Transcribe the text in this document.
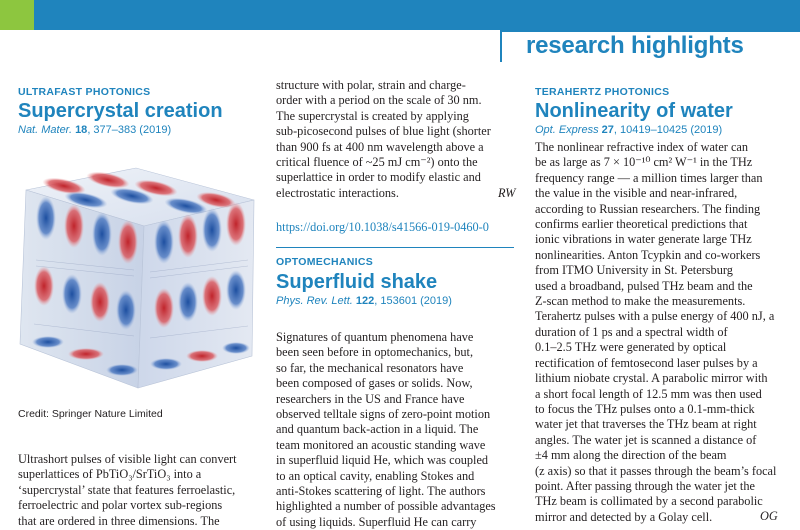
research highlights
ULTRAFAST PHOTONICS
Supercrystal creation
Nat. Mater. 18, 377–383 (2019)
Credit: Springer Nature Limited
Ultrashort pulses of visible light can convert
superlattices of PbTiO₃/SrTiO₃ into a
‘supercrystal’ state that features ferroelastic,
ferroelectric and polar vortex sub-regions
that are ordered in three dimensions. The
structure with polar, strain and charge-
order with a period on the scale of 30 nm.
The supercrystal is created by applying
sub-picosecond pulses of blue light (shorter
than 900 fs at 400 nm wavelength above a
critical fluence of ~25 mJ cm⁻²) onto the
superlattice in order to modify elastic and
electrostatic interactions.	RW
https://doi.org/10.1038/s41566-019-0460-0
OPTOMECHANICS
Superfluid shake
Phys. Rev. Lett. 122, 153601 (2019)
Signatures of quantum phenomena have
been seen before in optomechanics, but,
so far, the mechanical resonators have
been composed of gases or solids. Now,
researchers in the US and France have
observed telltale signs of zero-point motion
and quantum back-action in a liquid. The
team monitored an acoustic standing wave
in superfluid liquid He, which was coupled
to an optical cavity, enabling Stokes and
anti-Stokes scattering of light. The authors
highlighted a number of possible advantages
of using liquids. Superfluid He can carry
TERAHERTZ PHOTONICS
Nonlinearity of water
Opt. Express 27, 10419–10425 (2019)
The nonlinear refractive index of water can
be as large as 7 × 10⁻¹⁰ cm² W⁻¹ in the THz
frequency range — a million times larger than
the value in the visible and near-infrared,
according to Russian researchers. The finding
confirms earlier theoretical predictions that
ionic vibrations in water generate large THz
nonlinearities. Anton Tcypkin and co-workers
from ITMO University in St. Petersburg
used a broadband, pulsed THz beam and the
Z-scan method to make the measurements.
Terahertz pulses with a pulse energy of 400 nJ, a
duration of 1 ps and a spectral width of
0.1–2.5 THz were generated by optical
rectification of femtosecond laser pulses by a
lithium niobate crystal. A parabolic mirror with
a short focal length of 12.5 mm was then used
to focus the THz pulses onto a 0.1-mm-thick
water jet that traverses the THz beam at right
angles. The water jet is scanned a distance of
±4 mm along the direction of the beam
(z axis) so that it passes through the beam’s focal
point. After passing through the water jet the
THz beam is collimated by a second parabolic
mirror and detected by a Golay cell.	OG
